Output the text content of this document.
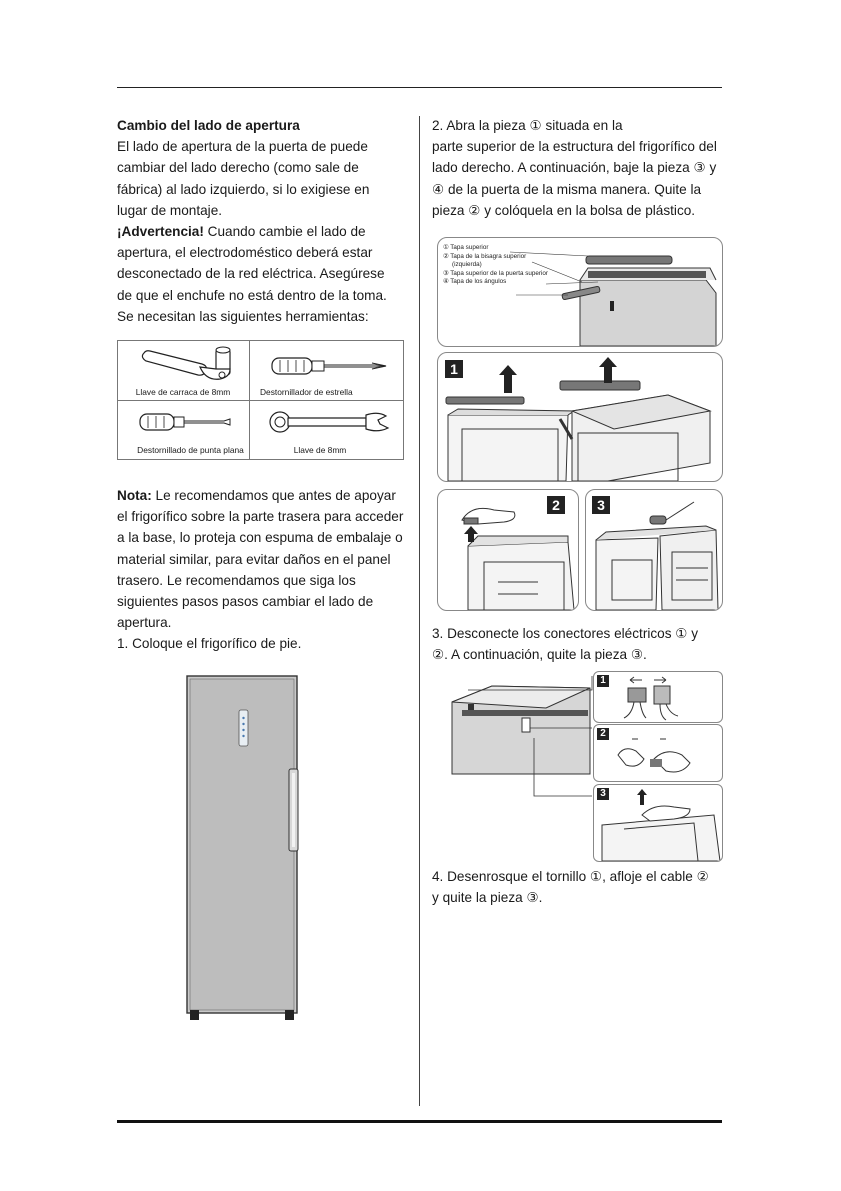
Cambio del lado de apertura

El lado de apertura de la puerta de puede

cambiar del lado derecho (como sale de

fábrica) al lado izquierdo, si lo exigiese en

lugar de montaje.

¡Advertencia! Cuando cambie el lado de

apertura, el electrodoméstico deberá estar

desconectado de la red eléctrica. Asegúrese

de que el enchufe no está dentro de la toma.

Se necesitan las siguientes herramientas:

Llave de carraca de 8mm	Destornillador de estrella
Destornillado de punta plana	Llave de 8mm

Nota: Le recomendamos que antes de apoyar

el frigorífico sobre la parte trasera para acceder

a la base, lo proteja con espuma de embalaje o

material similar, para evitar daños en el panel

trasero. Le recomendamos que siga los

siguientes pasos pasos cambiar el lado de

apertura.

1. Coloque el frigorífico de pie.

2. Abra la pieza ① situada en la

parte superior de la estructura del frigorífico del

lado derecho. A continuación, baje la pieza ③ y

④ de la puerta de la misma manera. Quite la

pieza ② y colóquela en la bolsa de plástico.

① Tapa superior
② Tapa de la bisagra superior
(izquierda)
③ Tapa superior de la puerta superior
④ Tapa de los ángulos
1
2	3

3. Desconecte los conectores eléctricos ① y

②. A continuación, quite la pieza ③.

1
2
3

4. Desenrosque el tornillo ①, afloje el cable ②

y quite la pieza ③.
